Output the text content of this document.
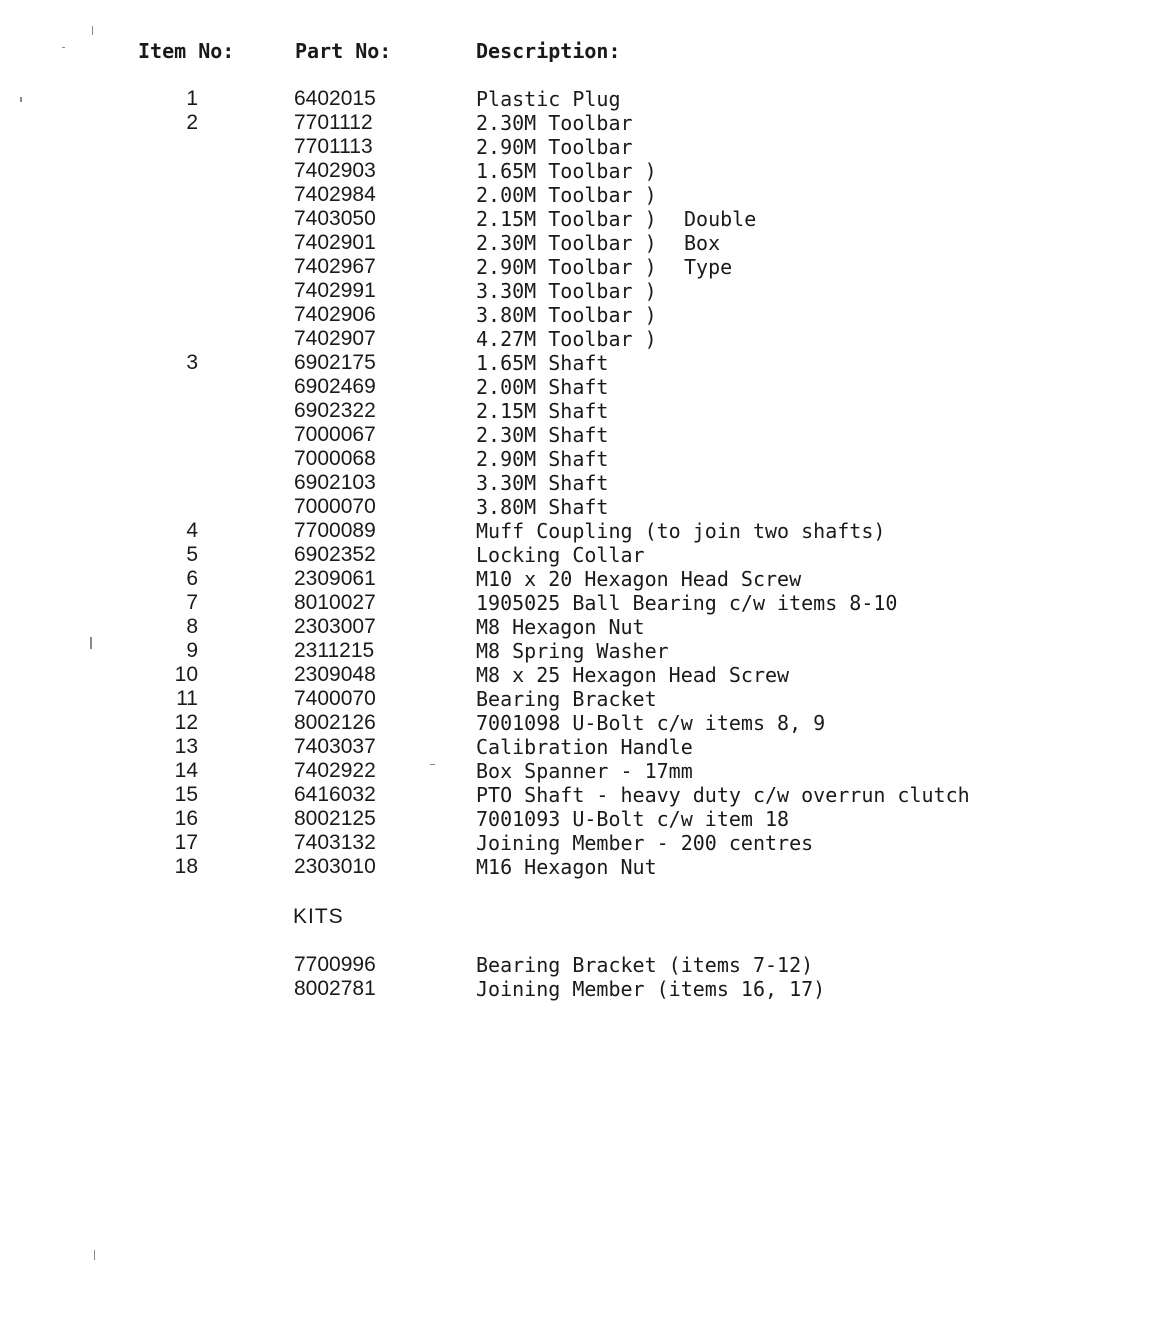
Item No:	Part No:	Description:
1	6402015	Plastic Plug
2	7701112	2.30M Toolbar
7701113	2.90M Toolbar
7402903	1.65M Toolbar )
7402984	2.00M Toolbar )
7403050	2.15M Toolbar ) Double
7402901	2.30M Toolbar ) Box
7402967	2.90M Toolbar ) Type
7402991	3.30M Toolbar )
7402906	3.80M Toolbar )
7402907	4.27M Toolbar )
3	6902175	1.65M Shaft
6902469	2.00M Shaft
6902322	2.15M Shaft
7000067	2.30M Shaft
7000068	2.90M Shaft
6902103	3.30M Shaft
7000070	3.80M Shaft
4	7700089	Muff Coupling (to join two shafts)
5	6902352	Locking Collar
6	2309061	M10 x 20 Hexagon Head Screw
7	8010027	1905025 Ball Bearing c/w items 8-10
8	2303007	M8 Hexagon Nut
9	2311215	M8 Spring Washer
10	2309048	M8 x 25 Hexagon Head Screw
11	7400070	Bearing Bracket
12	8002126	7001098 U-Bolt c/w items 8, 9
13	7403037	Calibration Handle
14	7402922	Box Spanner - 17mm
15	6416032	PTO Shaft - heavy duty c/w overrun clutch
16	8002125	7001093 U-Bolt c/w item 18
17	7403132	Joining Member - 200 centres
18	2303010	M16 Hexagon Nut
KITS
7700996	Bearing Bracket (items 7-12)
8002781	Joining Member (items 16, 17)
